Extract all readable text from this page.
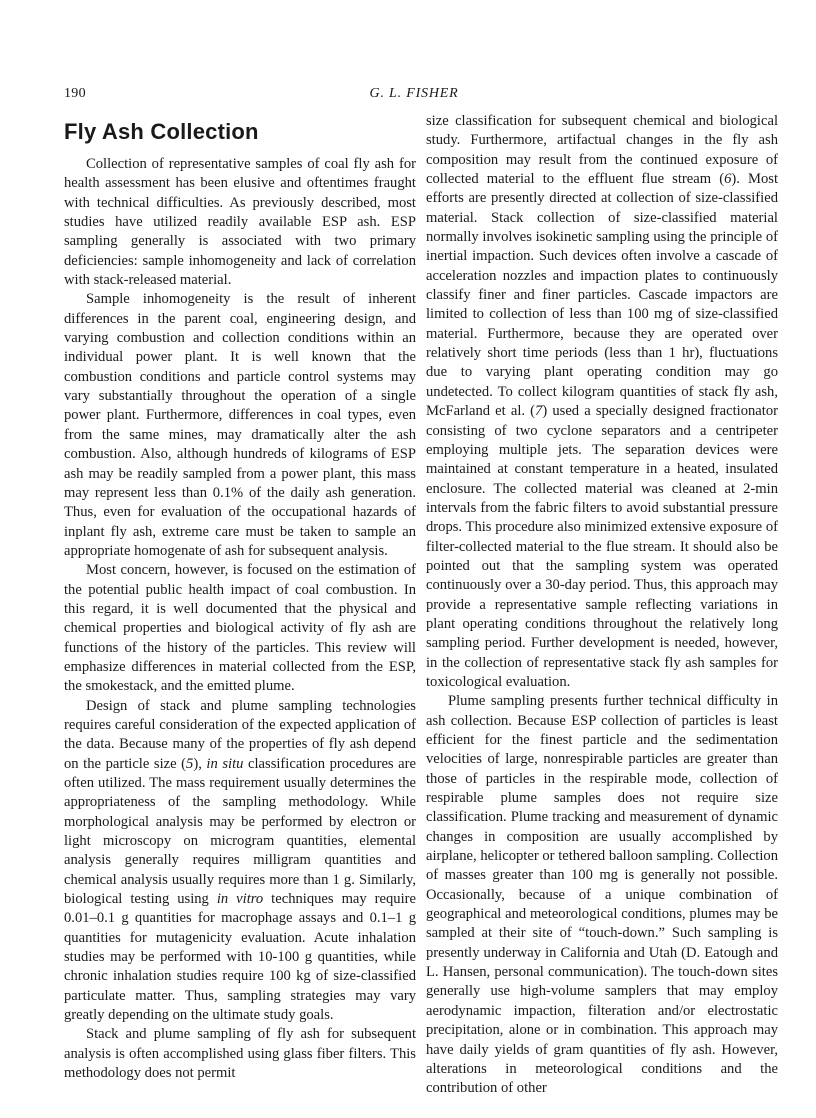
190	G. L. FISHER
Fly Ash Collection

Collection of representative samples of coal fly ash for health assessment has been elusive and oftentimes fraught with technical difficulties. As previously described, most studies have utilized readily available ESP ash. ESP sampling generally is associated with two primary deficiencies: sample inhomogeneity and lack of correlation with stack-released material.

Sample inhomogeneity is the result of inherent differences in the parent coal, engineering design, and varying combustion and collection conditions within an individual power plant. It is well known that the combustion conditions and particle control systems may vary substantially throughout the operation of a single power plant. Furthermore, differences in coal types, even from the same mines, may dramatically alter the ash combustion. Also, although hundreds of kilograms of ESP ash may be readily sampled from a power plant, this mass may represent less than 0.1% of the daily ash generation. Thus, even for evaluation of the occupational hazards of inplant fly ash, extreme care must be taken to sample an appropriate homogenate of ash for subsequent analysis.

Most concern, however, is focused on the estimation of the potential public health impact of coal combustion. In this regard, it is well documented that the physical and chemical properties and biological activity of fly ash are functions of the history of the particles. This review will emphasize differences in material collected from the ESP, the smokestack, and the emitted plume.

Design of stack and plume sampling technologies requires careful consideration of the expected application of the data. Because many of the properties of fly ash depend on the particle size (5), in situ classification procedures are often utilized. The mass requirement usually determines the appropriateness of the sampling methodology. While morphological analysis may be performed by electron or light microscopy on microgram quantities, elemental analysis generally requires milligram quantities and chemical analysis usually requires more than 1 g. Similarly, biological testing using in vitro techniques may require 0.01–0.1 g quantities for macrophage assays and 0.1–1 g quantities for mutagenicity evaluation. Acute inhalation studies may be performed with 10-100 g quantities, while chronic inhalation studies require 100 kg of size-classified particulate matter. Thus, sampling strategies may vary greatly depending on the ultimate study goals.

Stack and plume sampling of fly ash for subsequent analysis is often accomplished using glass fiber filters. This methodology does not permit

size classification for subsequent chemical and biological study. Furthermore, artifactual changes in the fly ash composition may result from the continued exposure of collected material to the effluent flue stream (6). Most efforts are presently directed at collection of size-classified material. Stack collection of size-classified material normally involves isokinetic sampling using the principle of inertial impaction. Such devices often involve a cascade of acceleration nozzles and impaction plates to continuously classify finer and finer particles. Cascade impactors are limited to collection of less than 100 mg of size-classified material. Furthermore, because they are operated over relatively short time periods (less than 1 hr), fluctuations due to varying plant operating condition may go undetected. To collect kilogram quantities of stack fly ash, McFarland et al. (7) used a specially designed fractionator consisting of two cyclone separators and a centripeter employing multiple jets. The separation devices were maintained at constant temperature in a heated, insulated enclosure. The collected material was cleaned at 2-min intervals from the fabric filters to avoid substantial pressure drops. This procedure also minimized extensive exposure of filter-collected material to the flue stream. It should also be pointed out that the sampling system was operated continuously over a 30-day period. Thus, this approach may provide a representative sample reflecting variations in plant operating conditions throughout the relatively long sampling period. Further development is needed, however, in the collection of representative stack fly ash samples for toxicological evaluation.

Plume sampling presents further technical difficulty in ash collection. Because ESP collection of particles is least efficient for the finest particle and the sedimentation velocities of large, nonrespirable particles are greater than those of particles in the respirable mode, collection of respirable plume samples does not require size classification. Plume tracking and measurement of dynamic changes in composition are usually accomplished by airplane, helicopter or tethered balloon sampling. Collection of masses greater than 100 mg is generally not possible. Occasionally, because of a unique combination of geographical and meteorological conditions, plumes may be sampled at their site of “touch-down.” Such sampling is presently underway in California and Utah (D. Eatough and L. Hansen, personal communication). The touch-down sites generally use high-volume samplers that may employ aerodynamic impaction, filteration and/or electrostatic precipitation, alone or in combination. This approach may have daily yields of gram quantities of fly ash. However, alterations in meteorological conditions and the contribution of other
